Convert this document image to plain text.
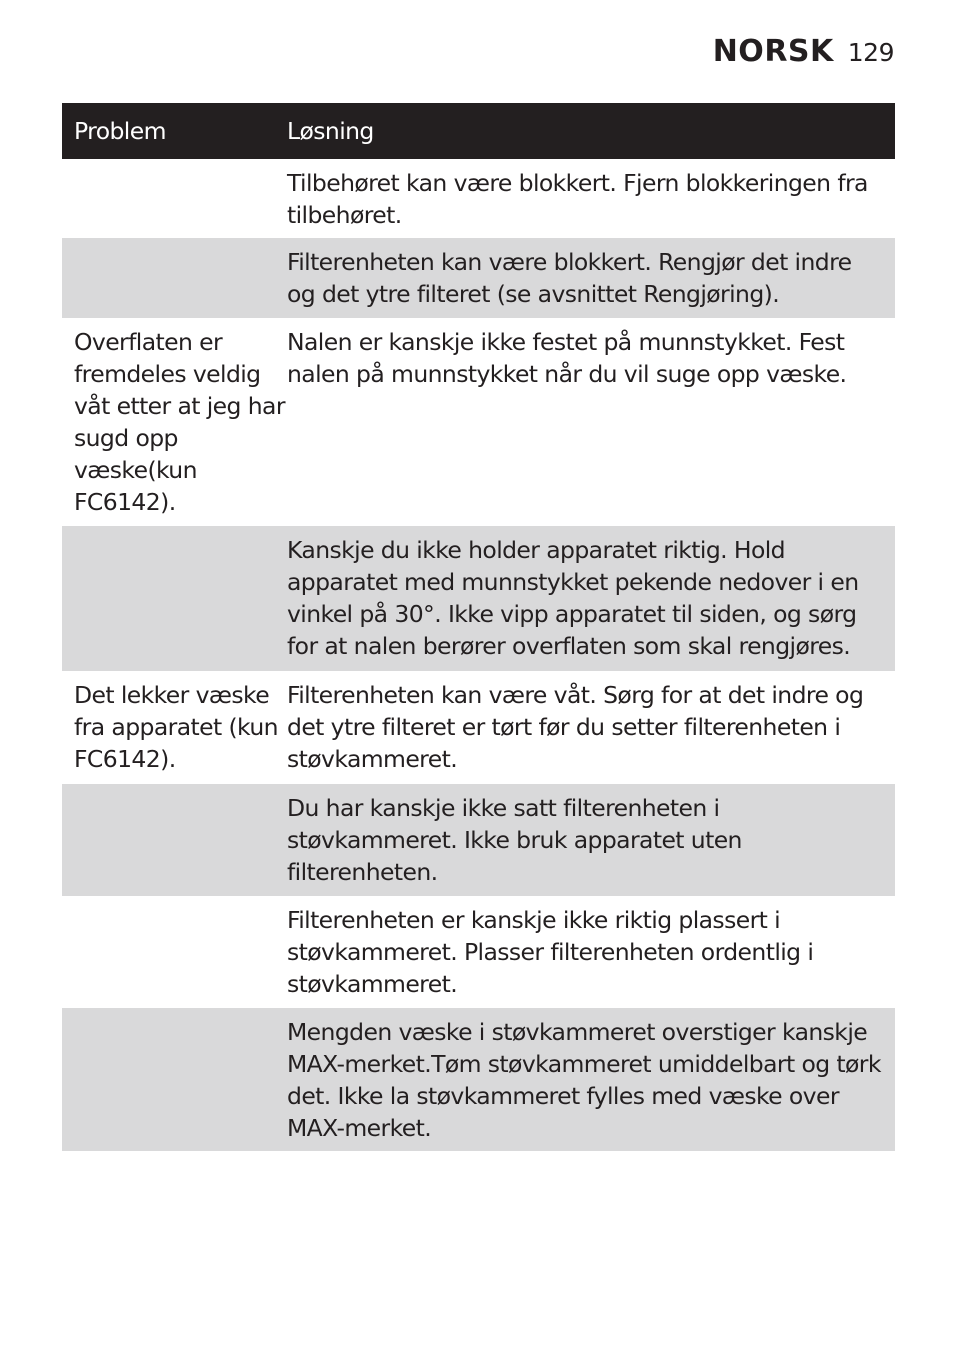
NORSK 129
Problem	Løsning
Tilbehøret kan være blokkert. Fjern blokkeringen fra tilbehøret.
Filterenheten kan være blokkert. Rengjør det indre og det ytre filteret (se avsnittet Rengjøring).
Overflaten er fremdeles veldig våt etter at jeg har sugd opp væske(kun FC6142).
Nalen er kanskje ikke festet på munnstykket. Fest nalen på munnstykket når du vil suge opp væske.
Kanskje du ikke holder apparatet riktig. Hold apparatet med munnstykket pekende nedover i en vinkel på 30°. Ikke vipp apparatet til siden, og sørg for at nalen berører overflaten som skal rengjøres.
Det lekker væske fra apparatet (kun FC6142).
Filterenheten kan være våt. Sørg for at det indre og det ytre filteret er tørt før du setter filterenheten i støvkammeret.
Du har kanskje ikke satt filterenheten i støvkammeret. Ikke bruk apparatet uten filterenheten.
Filterenheten er kanskje ikke riktig plassert i støvkammeret. Plasser filterenheten ordentlig i støvkammeret.
Mengden væske i støvkammeret overstiger kanskje MAX-merket.Tøm støvkammeret umiddelbart og tørk det. Ikke la støvkammeret fylles med væske over MAX-merket.
